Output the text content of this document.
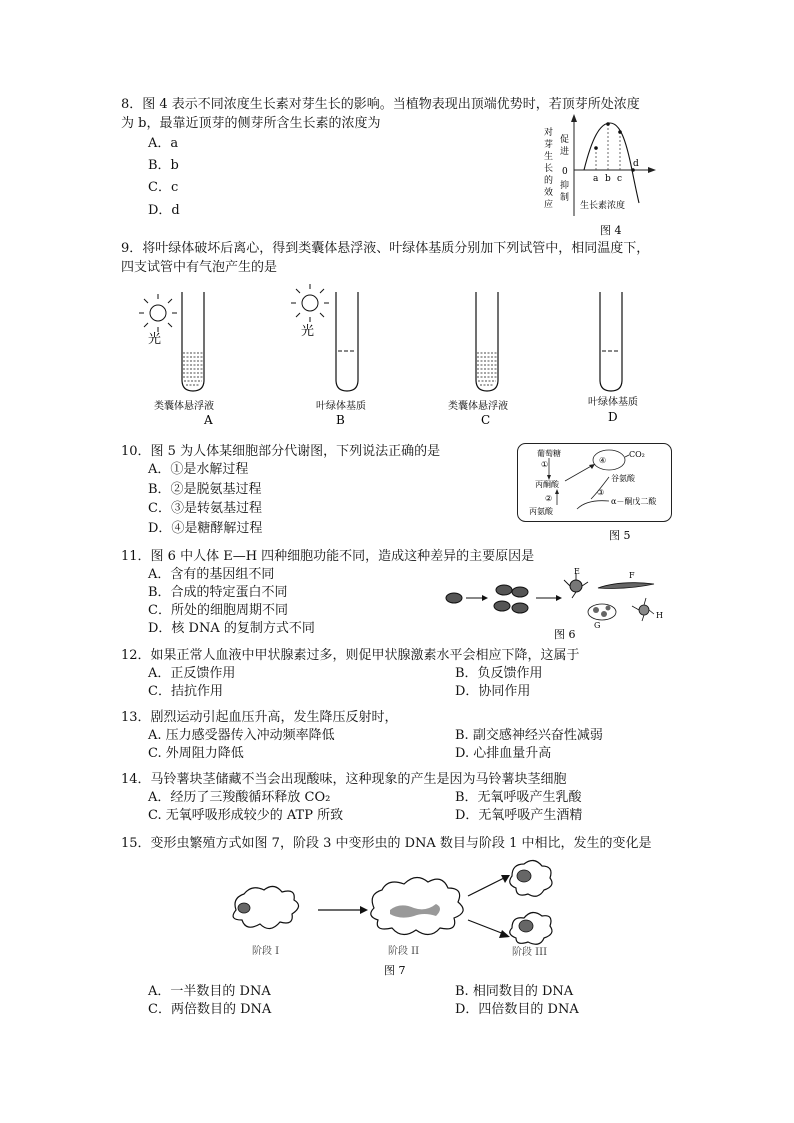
8．图 4 表示不同浓度生长素对芽生长的影响。当植物表现出顶端优势时，若顶芽所处浓度
为 b，最靠近顶芽的侧芽所含生长素的浓度为
A．a
B．b
C．c
D．d
对
芽
生
长
的
效
应
促
进
0
抑
制
生长素浓度
a b c
d
图 4
9．将叶绿体破坏后离心，得到类囊体悬浮液、叶绿体基质分别加下列试管中，相同温度下，
四支试管中有气泡产生的是
光
光
类囊体悬浮液	叶绿体基质	类囊体悬浮液	叶绿体基质
A	B	C	D
10．图 5 为人体某细胞部分代谢图，下列说法正确的是
A．①是水解过程
B．②是脱氨基过程
C．③是转氨基过程
D．④是糖酵解过程
葡萄糖
①
丙酮酸
②
丙氨酸
④
CO₂
谷氨酸
③
α－酮戊二酸
图 5
11．图 6 中人体 E—H 四种细胞功能不同，造成这种差异的主要原因是
A．含有的基因组不同
B．合成的特定蛋白不同
C．所处的细胞周期不同
D．核 DNA 的复制方式不同
E	F
G
H
图 6
12．如果正常人血液中甲状腺素过多，则促甲状腺激素水平会相应下降，这属于
A．正反馈作用	B．负反馈作用
C．拮抗作用	D．协同作用
13．剧烈运动引起血压升高，发生降压反射时，
A. 压力感受器传入冲动频率降低	B. 副交感神经兴奋性减弱
C. 外周阻力降低	D. 心排血量升高
14．马铃薯块茎储藏不当会出现酸味，这种现象的产生是因为马铃薯块茎细胞
A．经历了三羧酸循环释放 CO₂	B．无氧呼吸产生乳酸
C. 无氧呼吸形成较少的 ATP 所致	D．无氧呼吸产生酒精
15．变形虫繁殖方式如图 7，阶段 3 中变形虫的 DNA 数目与阶段 1 中相比，发生的变化是
阶段 I	阶段 II	阶段 III
图 7
A．一半数目的 DNA	B. 相同数目的 DNA
C．两倍数目的 DNA	D．四倍数目的 DNA
